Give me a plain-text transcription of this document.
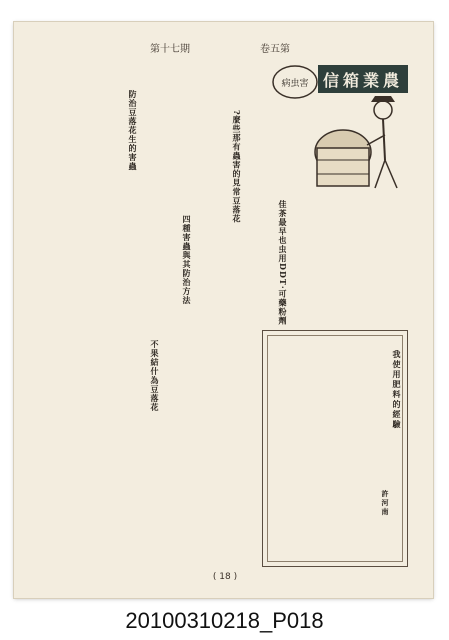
第十七期	卷五第
病虫害 信箱業農
?麼些那有蟲害的見常豆落花
防治豆落花生的害蟲
佳茶最早也虫用DDT·可藥粉劑
四種害蟲與其防治方法
不果結什為豆落花	我使用肥料的經驗
許河南
( 18 )
20100310218_P018
